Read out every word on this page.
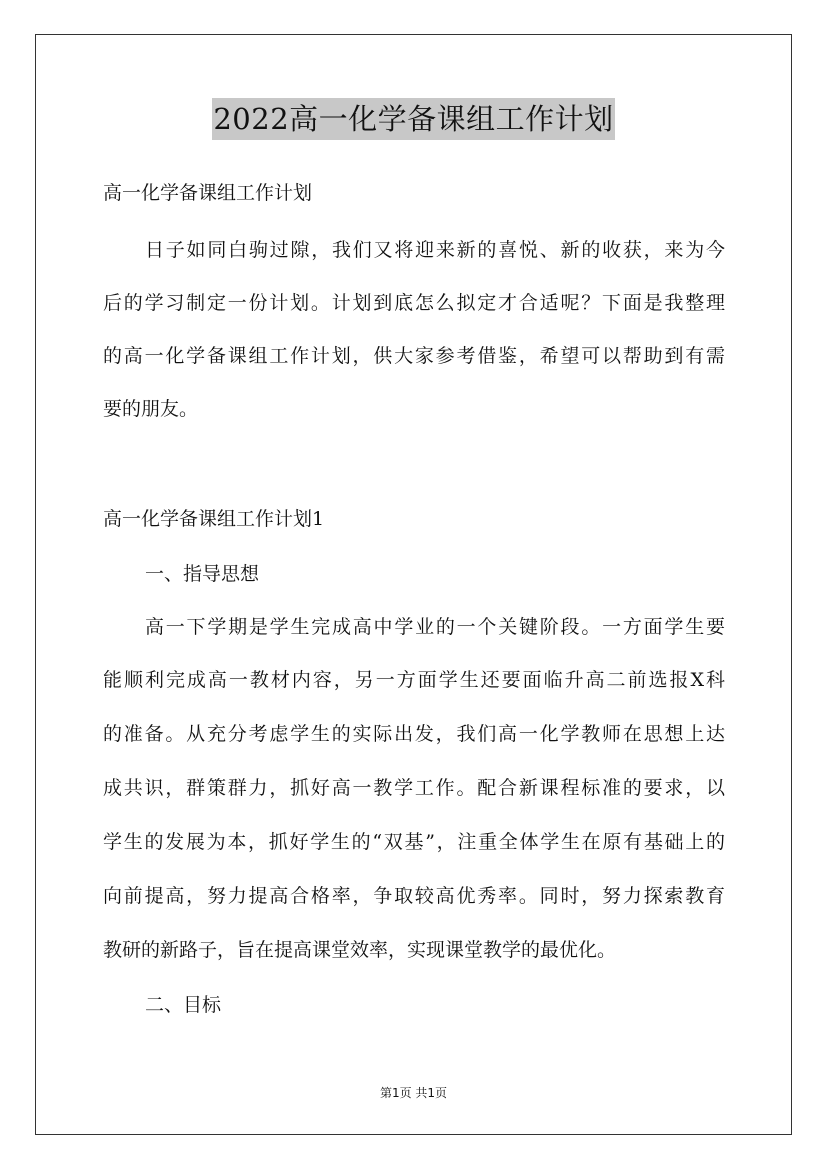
2022高一化学备课组工作计划
高一化学备课组工作计划
日子如同白驹过隙，我们又将迎来新的喜悦、新的收获，来为今
后的学习制定一份计划。计划到底怎么拟定才合适呢？下面是我整理
的高一化学备课组工作计划，供大家参考借鉴，希望可以帮助到有需
要的朋友。
高一化学备课组工作计划1
一、指导思想
高一下学期是学生完成高中学业的一个关键阶段。一方面学生要
能顺利完成高一教材内容，另一方面学生还要面临升高二前选报X科
的准备。从充分考虑学生的实际出发，我们高一化学教师在思想上达
成共识，群策群力，抓好高一教学工作。配合新课程标准的要求，以
学生的发展为本，抓好学生的“双基”，注重全体学生在原有基础上的
向前提高，努力提高合格率，争取较高优秀率。同时，努力探索教育
教研的新路子，旨在提高课堂效率，实现课堂教学的最优化。
二、目标
第1页 共1页
